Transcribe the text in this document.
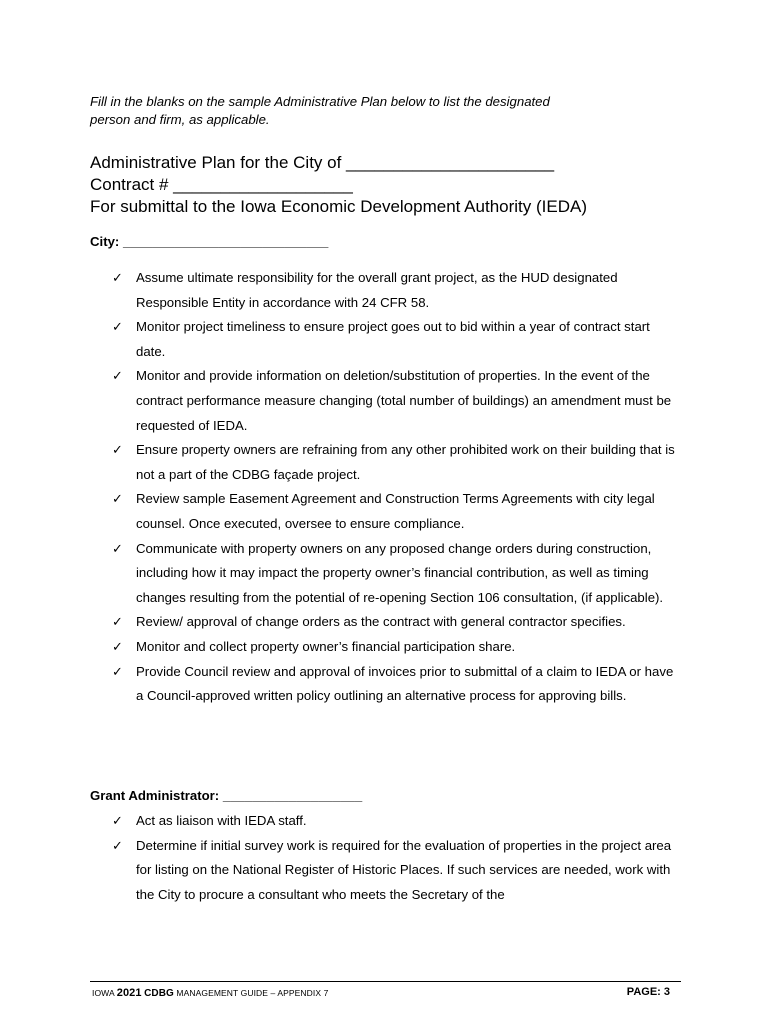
Fill in the blanks on the sample Administrative Plan below to list the designated
person and firm, as applicable.
Administrative Plan for the City of ______________________
Contract # ___________________
For submittal to the Iowa Economic Development Authority (IEDA)
City: ____________________________
✓ Assume ultimate responsibility for the overall grant project, as the HUD designated Responsible Entity in accordance with 24 CFR 58.
✓ Monitor project timeliness to ensure project goes out to bid within a year of contract start date.
✓ Monitor and provide information on deletion/substitution of properties. In the event of the contract performance measure changing (total number of buildings) an amendment must be requested of IEDA.
✓ Ensure property owners are refraining from any other prohibited work on their building that is not a part of the CDBG façade project.
✓ Review sample Easement Agreement and Construction Terms Agreements with city legal counsel. Once executed, oversee to ensure compliance.
✓ Communicate with property owners on any proposed change orders during construction, including how it may impact the property owner’s financial contribution, as well as timing changes resulting from the potential of re-opening Section 106 consultation, (if applicable).
✓ Review/ approval of change orders as the contract with general contractor specifies.
✓ Monitor and collect property owner’s financial participation share.
✓ Provide Council review and approval of invoices prior to submittal of a claim to IEDA or have a Council-approved written policy outlining an alternative process for approving bills.
Grant Administrator: ___________________
✓ Act as liaison with IEDA staff.
✓ Determine if initial survey work is required for the evaluation of properties in the project area for listing on the National Register of Historic Places. If such services are needed, work with the City to procure a consultant who meets the Secretary of the
IOWA 2021 CDBG MANAGEMENT GUIDE – APPENDIX 7	PAGE: 3
